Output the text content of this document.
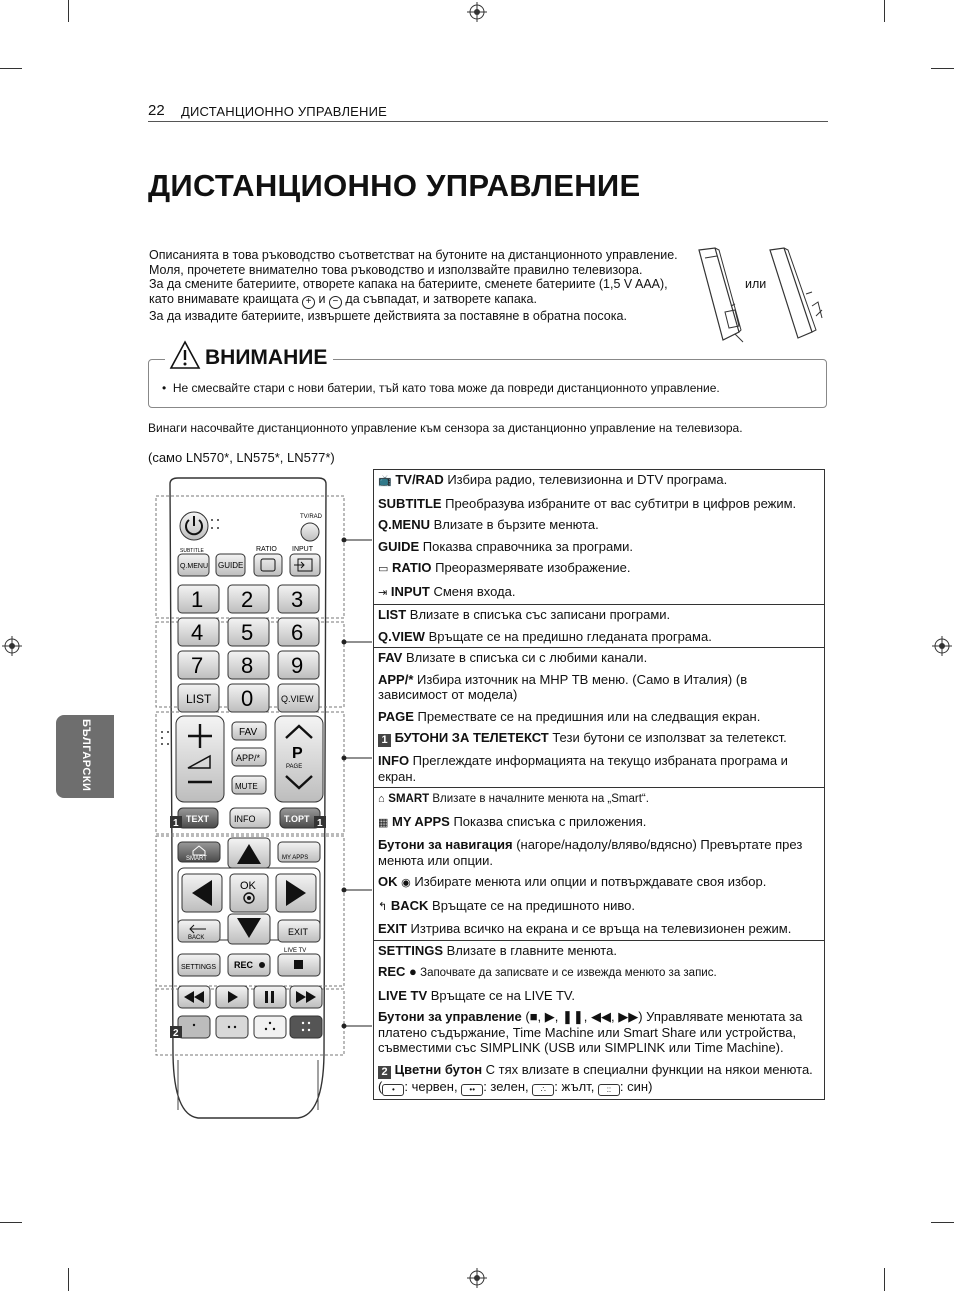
22 ДИСТАНЦИОННО УПРАВЛЕНИЕ
ДИСТАНЦИОННО УПРАВЛЕНИЕ

Описанията в това ръководство съответстват на бутоните на дистанционното управление.

Моля, прочетете внимателно това ръководство и използвайте правилно телевизора.

За да смените батериите, отворете капака на батериите, сменете батериите (1,5 V AAA), като внимавате краищата + и − да съвпадат, и затворете капака.

За да извадите батериите, извършете действията за поставяне в обратна посока.

или
ВНИМАНИЕ
• Не смесвайте стари с нови батерии, тъй като това може да повреди дистанционното управление.
Винаги насочвайте дистанционното управление към сензора за дистанционно управление на телевизора.
(само LN570*, LN575*, LN577*)
БЪЛГАРСКИ
TV/RAD
SUBTITLE	RATIO INPUT
Q.MENU GUIDE
1 2 3
4 5 6
7 8 9
LIST 0	Q.VIEW
FAV
APP/*
MUTE
P
PAGE
TEXT	INFO	T.OPT
1	1
SMART	MY APPS
OK
BACK
EXIT
LIVE TV
SETTINGS REC
2
📺 TV/RAD Избира радио, телевизионна и DTV програма.
SUBTITLE Преобразува избраните от вас субтитри в цифров режим.
Q.MENU Влизате в бързите менюта.
GUIDE Показва справочника за програми.
▭ RATIO Преоразмерявате изображение.
⇥ INPUT Сменя входа.
LIST Влизате в списъка със записани програми.
Q.VIEW Връщате се на предишно гледаната програма.
FAV Влизате в списъка си с любими канали.
APP/* Избира източник на MHP ТВ меню. (Само в Италия) (в зависимост от модела)
PAGE Премествате се на предишния или на следващия екран.
1 БУТОНИ ЗА ТЕЛЕТЕКСТ Тези бутони се използват за телетекст.
INFO Преглеждате информацията на текущо избраната програма и екран.
⌂ SMART Влизате в началните менюта на „Smart“.
▦ MY APPS Показва списъка с приложения.
Бутони за навигация (нагоре/надолу/вляво/вдясно) Превъртате през менюта или опции.
OK ◉ Избирате менюта или опции и потвърждавате своя избор.
↰ BACK Връщате се на предишното ниво.
EXIT Изтрива всичко на екрана и се връща на телевизионен режим.
SETTINGS Влизате в главните менюта.
REC ● Започвате да записвате и се извежда менюто за запис.
LIVE TV Връщате се на LIVE TV.
Бутони за управление (■, ▶, ❚❚, ◀◀, ▶▶) Управлявате менютата за платено съдържание, Time Machine или Smart Share или устройства, съвместими със SIMPLINK (USB или SIMPLINK или Time Machine).
2 Цветни бутон С тях влизате в специални функции на някои менюта. ( • : червен, •• : зелен, ∴ : жълт, :: : син)
